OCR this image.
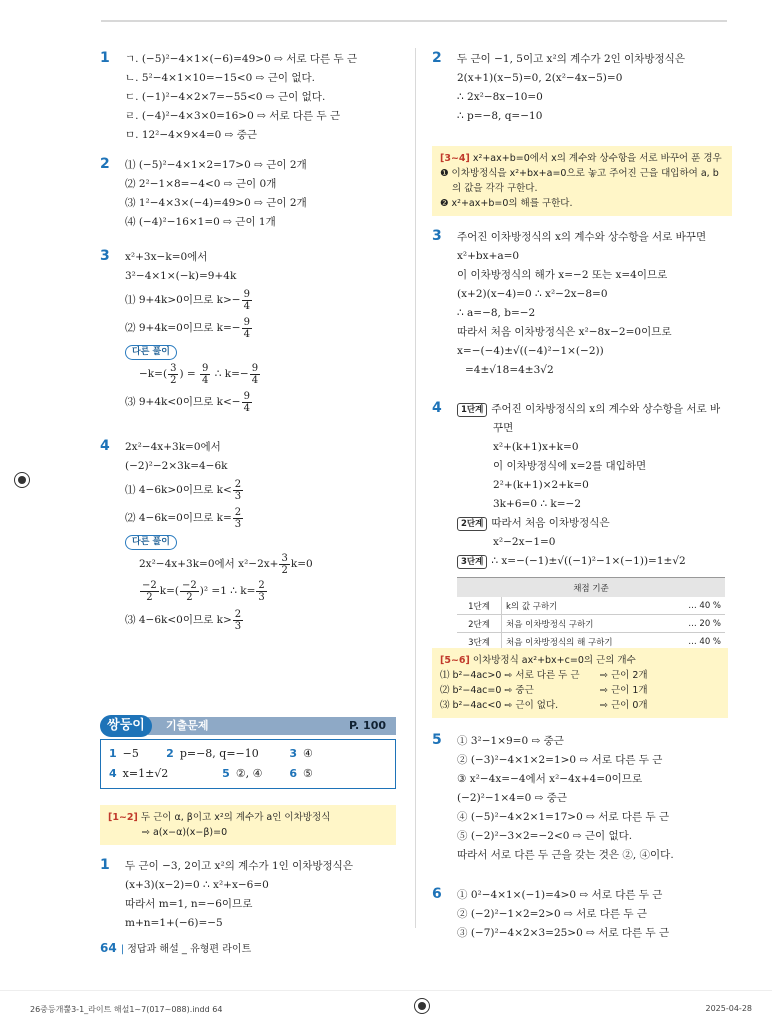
1 ㄱ. (−5)²−4×1×(−6)=49>0 ⇨ 서로 다른 두 근
ㄴ. 5²−4×1×10=−15<0 ⇨ 근이 없다.
ㄷ. (−1)²−4×2×7=−55<0 ⇨ 근이 없다.
ㄹ. (−4)²−4×3×0=16>0 ⇨ 서로 다른 두 근
ㅁ. 12²−4×9×4=0 ⇨ 중근
2 ⑴ (−5)²−4×1×2=17>0 ⇨ 근이 2개
⑵ 2²−1×8=−4<0 ⇨ 근이 0개
⑶ 1²−4×3×(−4)=49>0 ⇨ 근이 2개
⑷ (−4)²−16×1=0 ⇨ 근이 1개
3 x²+3x−k=0에서
3²−4×1×(−k)=9+4k
⑴ 9+4k>0이므로 $k>- \frac{9}{4}$
⑵ 9+4k=0이므로 $k=- \frac{9}{4}$
다른 풀이
$-k=( \frac{3}{2}$ ) = $\frac{9}{4}$ ∴ $k=- \frac{9}{4}$
⑶ 9+4k<0이므로 $k<- \frac{9}{4}$
4 2x²−4x+3k=0에서
(−2)²−2×3k=4−6k
⑴ 4−6k>0이므로 $k< \frac{2}{3}$
⑵ 4−6k=0이므로 $k= \frac{2}{3}$
다른 풀이
2x²−4x+3k=0에서 $x^2-2x+ \frac{3}{2} k=0$
$\frac{-2}{2} k=( \frac{-2}{2} )^2 =1$ ∴ $k= \frac{2}{3}$
⑶ 4−6k<0이므로 $k> \frac{2}{3}$
기출문제	P. 100
쌍둥이
1 −5 2 p=−8, q=−10	3 ④
4 x=1±√2	5 ②, ④ 6 ⑤
[1~2] 두 근이 α, β이고 x²의 계수가 a인 이차방정식
⇨ a(x−α)(x−β)=0
1 두 근이 −3, 2이고 x²의 계수가 1인 이차방정식은
(x+3)(x−2)=0 ∴ x²+x−6=0
따라서 m=1, n=−6이므로
m+n=1+(−6)=−5
2 두 근이 −1, 5이고 x²의 계수가 2인 이차방정식은
2(x+1)(x−5)=0, 2(x²−4x−5)=0
∴ 2x²−8x−10=0
∴ p=−8, q=−10
[3~4] x²+ax+b=0에서 x의 계수와 상수항을 서로 바꾸어 푼 경우
❶ 이차방정식을 x²+bx+a=0으로 놓고 주어진 근을 대입하여 a, b
의 값을 각각 구한다.
❷ x²+ax+b=0의 해를 구한다.
3 주어진 이차방정식의 x의 계수와 상수항을 서로 바꾸면
x²+bx+a=0
이 이차방정식의 해가 x=−2 또는 x=4이므로
(x+2)(x−4)=0 ∴ x²−2x−8=0
∴ a=−8, b=−2
따라서 처음 이차방정식은 x²−8x−2=0이므로
x=−(−4)±√((−4)²−1×(−2))
=4±√18=4±3√2
4	1단계 주어진 이차방정식의 x의 계수와 상수항을 서로 바
꾸면
x²+(k+1)x+k=0
이 이차방정식에 x=2를 대입하면
2²+(k+1)×2+k=0
3k+6=0 ∴ k=−2
2단계 따라서 처음 이차방정식은
x²−2x−1=0
3단계 ∴ x=−(−1)±√((−1)²−1×(−1))=1±√2
채점 기준		
1단계	k의 값 구하기	… 40 %
2단계	처음 이차방정식 구하기	… 20 %
3단계	처음 이차방정식의 해 구하기	… 40 %
[5~6] 이차방정식 ax²+bx+c=0의 근의 개수
⑴ b²−4ac>0 ⇨ 서로 다른 두 근 ⇨ 근이 2개
⑵ b²−4ac=0 ⇨ 중근	⇨ 근이 1개
⑶ b²−4ac<0 ⇨ 근이 없다.	⇨ 근이 0개
5 ① 3²−1×9=0 ⇨ 중근
② (−3)²−4×1×2=1>0 ⇨ 서로 다른 두 근
③ x²−4x=−4에서 x²−4x+4=0이므로
(−2)²−1×4=0 ⇨ 중근
④ (−5)²−4×2×1=17>0 ⇨ 서로 다른 두 근
⑤ (−2)²−3×2=−2<0 ⇨ 근이 없다.
따라서 서로 다른 두 근을 갖는 것은 ②, ④이다.
6 ① 0²−4×1×(−1)=4>0 ⇨ 서로 다른 두 근
② (−2)²−1×2=2>0 ⇨ 서로 다른 두 근
③ (−7)²−4×2×3=25>0 ⇨ 서로 다른 두 근
64 | 정답과 해설 _ 유형편 라이트
26중등개뿔3-1_라이트 해설1~7(017~088).indd 64	2025-04-28
